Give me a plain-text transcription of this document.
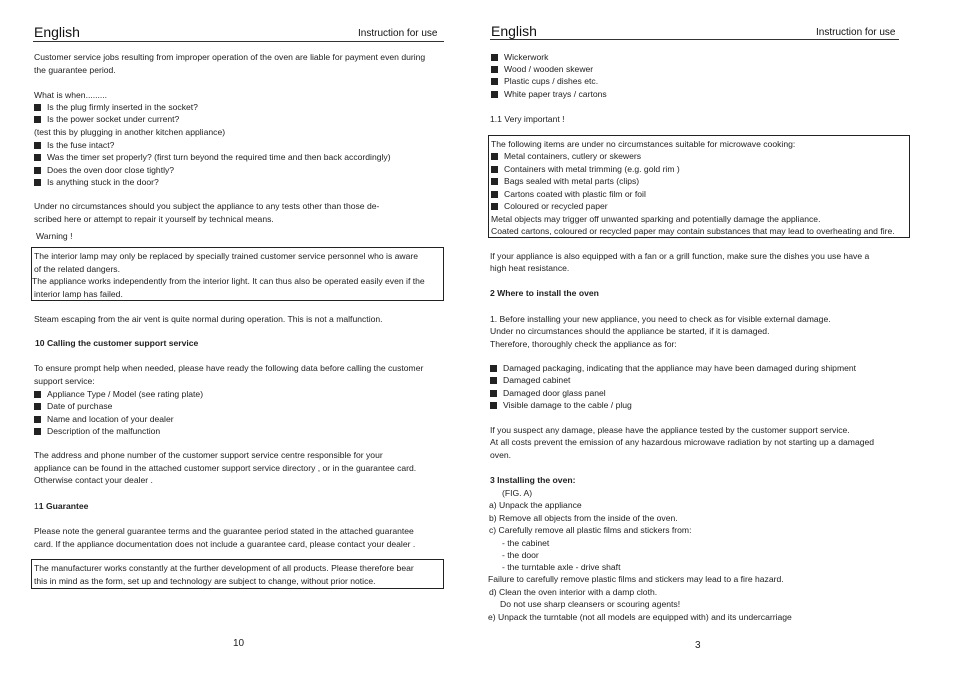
English	Instruction for use
Customer service jobs resulting from improper operation of the oven are liable for payment even during
the guarantee period.
What is when.........
Is the plug firmly inserted in the socket?
Is the power socket under current?
(test this by plugging in another kitchen appliance)
Is the fuse intact?
Was the timer set properly? (first turn beyond the required time and then back accordingly)
Does the oven door close tightly?
Is anything stuck in the door?
Under no circumstances should you subject the appliance to any tests other than those de-
scribed here or attempt to repair it yourself by technical means.
Warning !
The interior lamp may only be replaced by specially trained customer service personnel who is aware
of the related dangers.
The appliance works independently from the interior light. It can thus also be operated easily even if the
interior lamp has failed.
Steam escaping from the air vent is quite normal during operation. This is not a malfunction.
10 Calling the customer support service
To ensure prompt help when needed, please have ready the following data before calling the customer
support service:
Appliance Type / Model (see rating plate)
Date of purchase
Name and location of your dealer
Description of the malfunction
The address and phone number of the customer support service centre responsible for your
appliance can be found in the attached customer support service directory , or in the guarantee card.
Otherwise contact your dealer .
11 Guarantee
Please note the general guarantee terms and the guarantee period stated in the attached guarantee
card. If the appliance documentation does not include a guarantee card, please contact your dealer .
The manufacturer works constantly at the further development of all products. Please therefore bear
this in mind as the form, set up and technology are subject to change, without prior notice.
10
English	Instruction for use
Wickerwork
Wood / wooden skewer
Plastic cups / dishes etc.
White paper trays / cartons
1.1 Very important !
The following items are under no circumstances suitable for microwave cooking:
Metal containers, cutlery or skewers
Containers with metal trimming (e.g. gold rim )
Bags sealed with metal parts (clips)
Cartons coated with plastic film or foil
Coloured or recycled paper
Metal objects may trigger off unwanted sparking and potentially damage the appliance.
Coated cartons, coloured or recycled paper may contain substances that may lead to overheating and fire.
If your appliance is also equipped with a fan or a grill function, make sure the dishes you use have a
high heat resistance.
2 Where to install the oven
1. Before installing your new appliance, you need to check as for visible external damage.
Under no circumstances should the appliance be started, if it is damaged.
Therefore, thoroughly check the appliance as for:
Damaged packaging, indicating that the appliance may have been damaged during shipment
Damaged cabinet
Damaged door glass panel
Visible damage to the cable / plug
If you suspect any damage, please have the appliance tested by the customer support service.
At all costs prevent the emission of any hazardous microwave radiation by not starting up a damaged
oven.
3 Installing the oven:
(FIG. A)
a) Unpack the appliance
b) Remove all objects from the inside of the oven.
c) Carefully remove all plastic films and stickers from:
- the cabinet
- the door
- the turntable axle - drive shaft
Failure to carefully remove plastic films and stickers may lead to a fire hazard.
d) Clean the oven interior with a damp cloth.
Do not use sharp cleansers or scouring agents!
e) Unpack the turntable (not all models are equipped with) and its undercarriage
3
